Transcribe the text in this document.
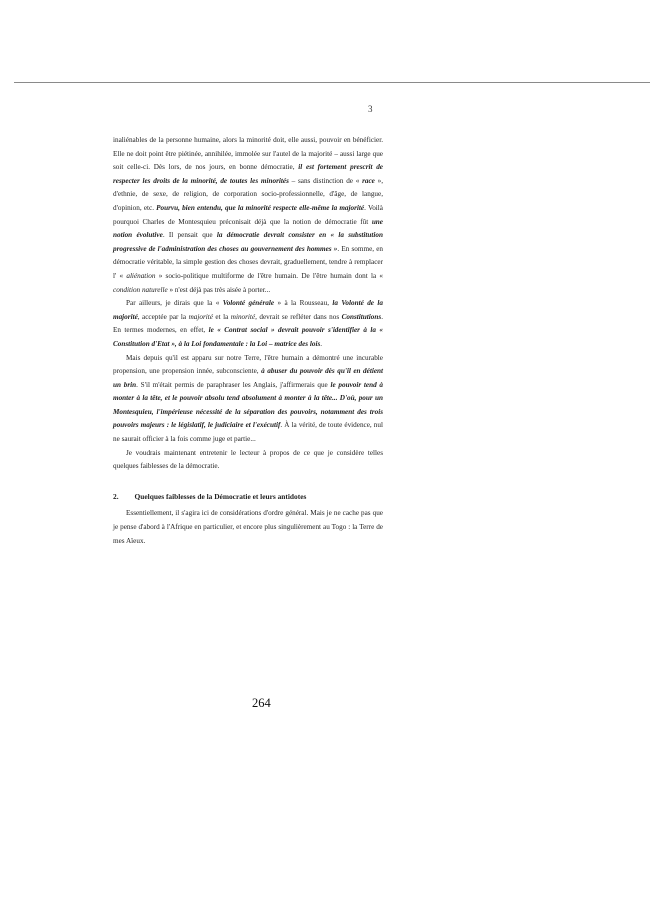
3

inaliénables de la personne humaine, alors la minorité doit, elle aussi, pouvoir en bénéficier. Elle ne doit point être piétinée, annihilée, immolée sur l'autel de la majorité – aussi large que soit celle-ci. Dès lors, de nos jours, en bonne démocratie, il est fortement prescrit de respecter les droits de la minorité, de toutes les minorités – sans distinction de « race », d'ethnie, de sexe, de religion, de corporation socio-professionnelle, d'âge, de langue, d'opinion, etc. Pourvu, bien entendu, que la minorité respecte elle-même la majorité. Voilà pourquoi Charles de Montesquieu préconisait déjà que la notion de démocratie fût une notion évolutive. Il pensait que la démocratie devrait consister en « la substitution progressive de l'administration des choses au gouvernement des hommes ». En somme, en démocratie véritable, la simple gestion des choses devrait, graduellement, tendre à remplacer l' « aliénation » socio-politique multiforme de l'être humain. De l'être humain dont la « condition naturelle » n'est déjà pas très aisée à porter...

Par ailleurs, je dirais que la « Volonté générale » à la Rousseau, la Volonté de la majorité, acceptée par la majorité et la minorité, devrait se refléter dans nos Constitutions. En termes modernes, en effet, le « Contrat social » devrait pouvoir s'identifier à la « Constitution d'Etat », à la Loi fondamentale : la Loi – matrice des lois.

Mais depuis qu'il est apparu sur notre Terre, l'être humain a démontré une incurable propension, une propension innée, subconsciente, à abuser du pouvoir dès qu'il en détient un brin. S'il m'était permis de paraphraser les Anglais, j'affirmerais que le pouvoir tend à monter à la tête, et le pouvoir absolu tend absolument à monter à la tête... D'où, pour un Montesquieu, l'impérieuse nécessité de la séparation des pouvoirs, notamment des trois pouvoirs majeurs : le législatif, le judiciaire et l'exécutif. À la vérité, de toute évidence, nul ne saurait officier à la fois comme juge et partie...

Je voudrais maintenant entretenir le lecteur à propos de ce que je considère telles quelques faiblesses de la démocratie.

2. Quelques faiblesses de la Démocratie et leurs antidotes

Essentiellement, il s'agira ici de considérations d'ordre général. Mais je ne cache pas que je pense d'abord à l'Afrique en particulier, et encore plus singulièrement au Togo : la Terre de mes Aïeux.

264
